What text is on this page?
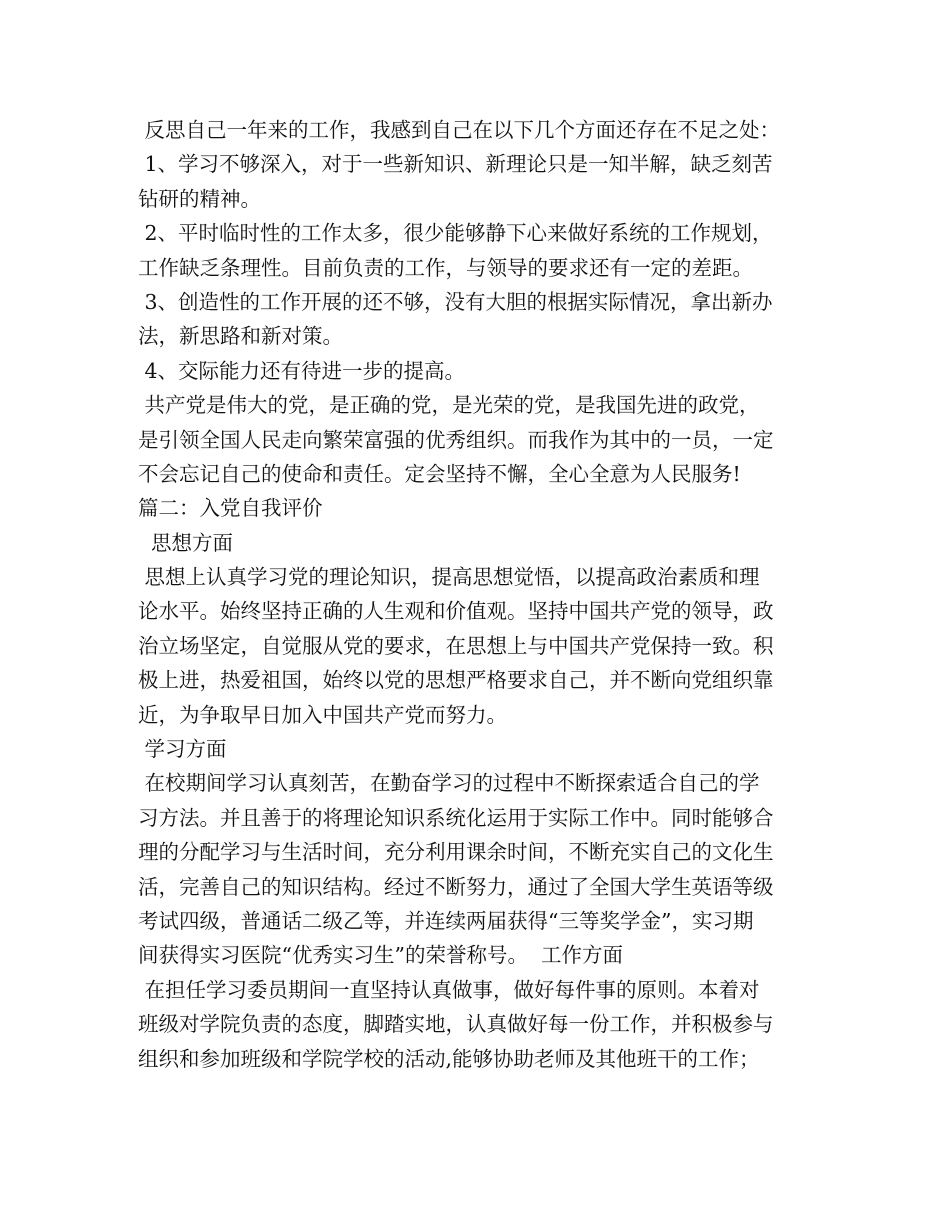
反思自己一年来的工作，我感到自己在以下几个方面还存在不足之处：
1、学习不够深入，对于一些新知识、新理论只是一知半解，缺乏刻苦
钻研的精神。
2、平时临时性的工作太多，很少能够静下心来做好系统的工作规划，
工作缺乏条理性。目前负责的工作，与领导的要求还有一定的差距。
3、创造性的工作开展的还不够，没有大胆的根据实际情况，拿出新办
法，新思路和新对策。
4、交际能力还有待进一步的提高。
共产党是伟大的党，是正确的党，是光荣的党，是我国先进的政党，
是引领全国人民走向繁荣富强的优秀组织。而我作为其中的一员，一定
不会忘记自己的使命和责任。定会坚持不懈，全心全意为人民服务!
篇二：入党自我评价
思想方面
思想上认真学习党的理论知识，提高思想觉悟，以提高政治素质和理
论水平。始终坚持正确的人生观和价值观。坚持中国共产党的领导，政
治立场坚定，自觉服从党的要求，在思想上与中国共产党保持一致。积
极上进，热爱祖国，始终以党的思想严格要求自己，并不断向党组织靠
近，为争取早日加入中国共产党而努力。
学习方面
在校期间学习认真刻苦，在勤奋学习的过程中不断探索适合自己的学
习方法。并且善于的将理论知识系统化运用于实际工作中。同时能够合
理的分配学习与生活时间，充分利用课余时间，不断充实自己的文化生
活，完善自己的知识结构。经过不断努力，通过了全国大学生英语等级
考试四级，普通话二级乙等，并连续两届获得“三等奖学金”，实习期
间获得实习医院“优秀实习生”的荣誉称号。  工作方面
在担任学习委员期间一直坚持认真做事，做好每件事的原则。本着对
班级对学院负责的态度，脚踏实地，认真做好每一份工作，并积极参与
组织和参加班级和学院学校的活动,能够协助老师及其他班干的工作；
